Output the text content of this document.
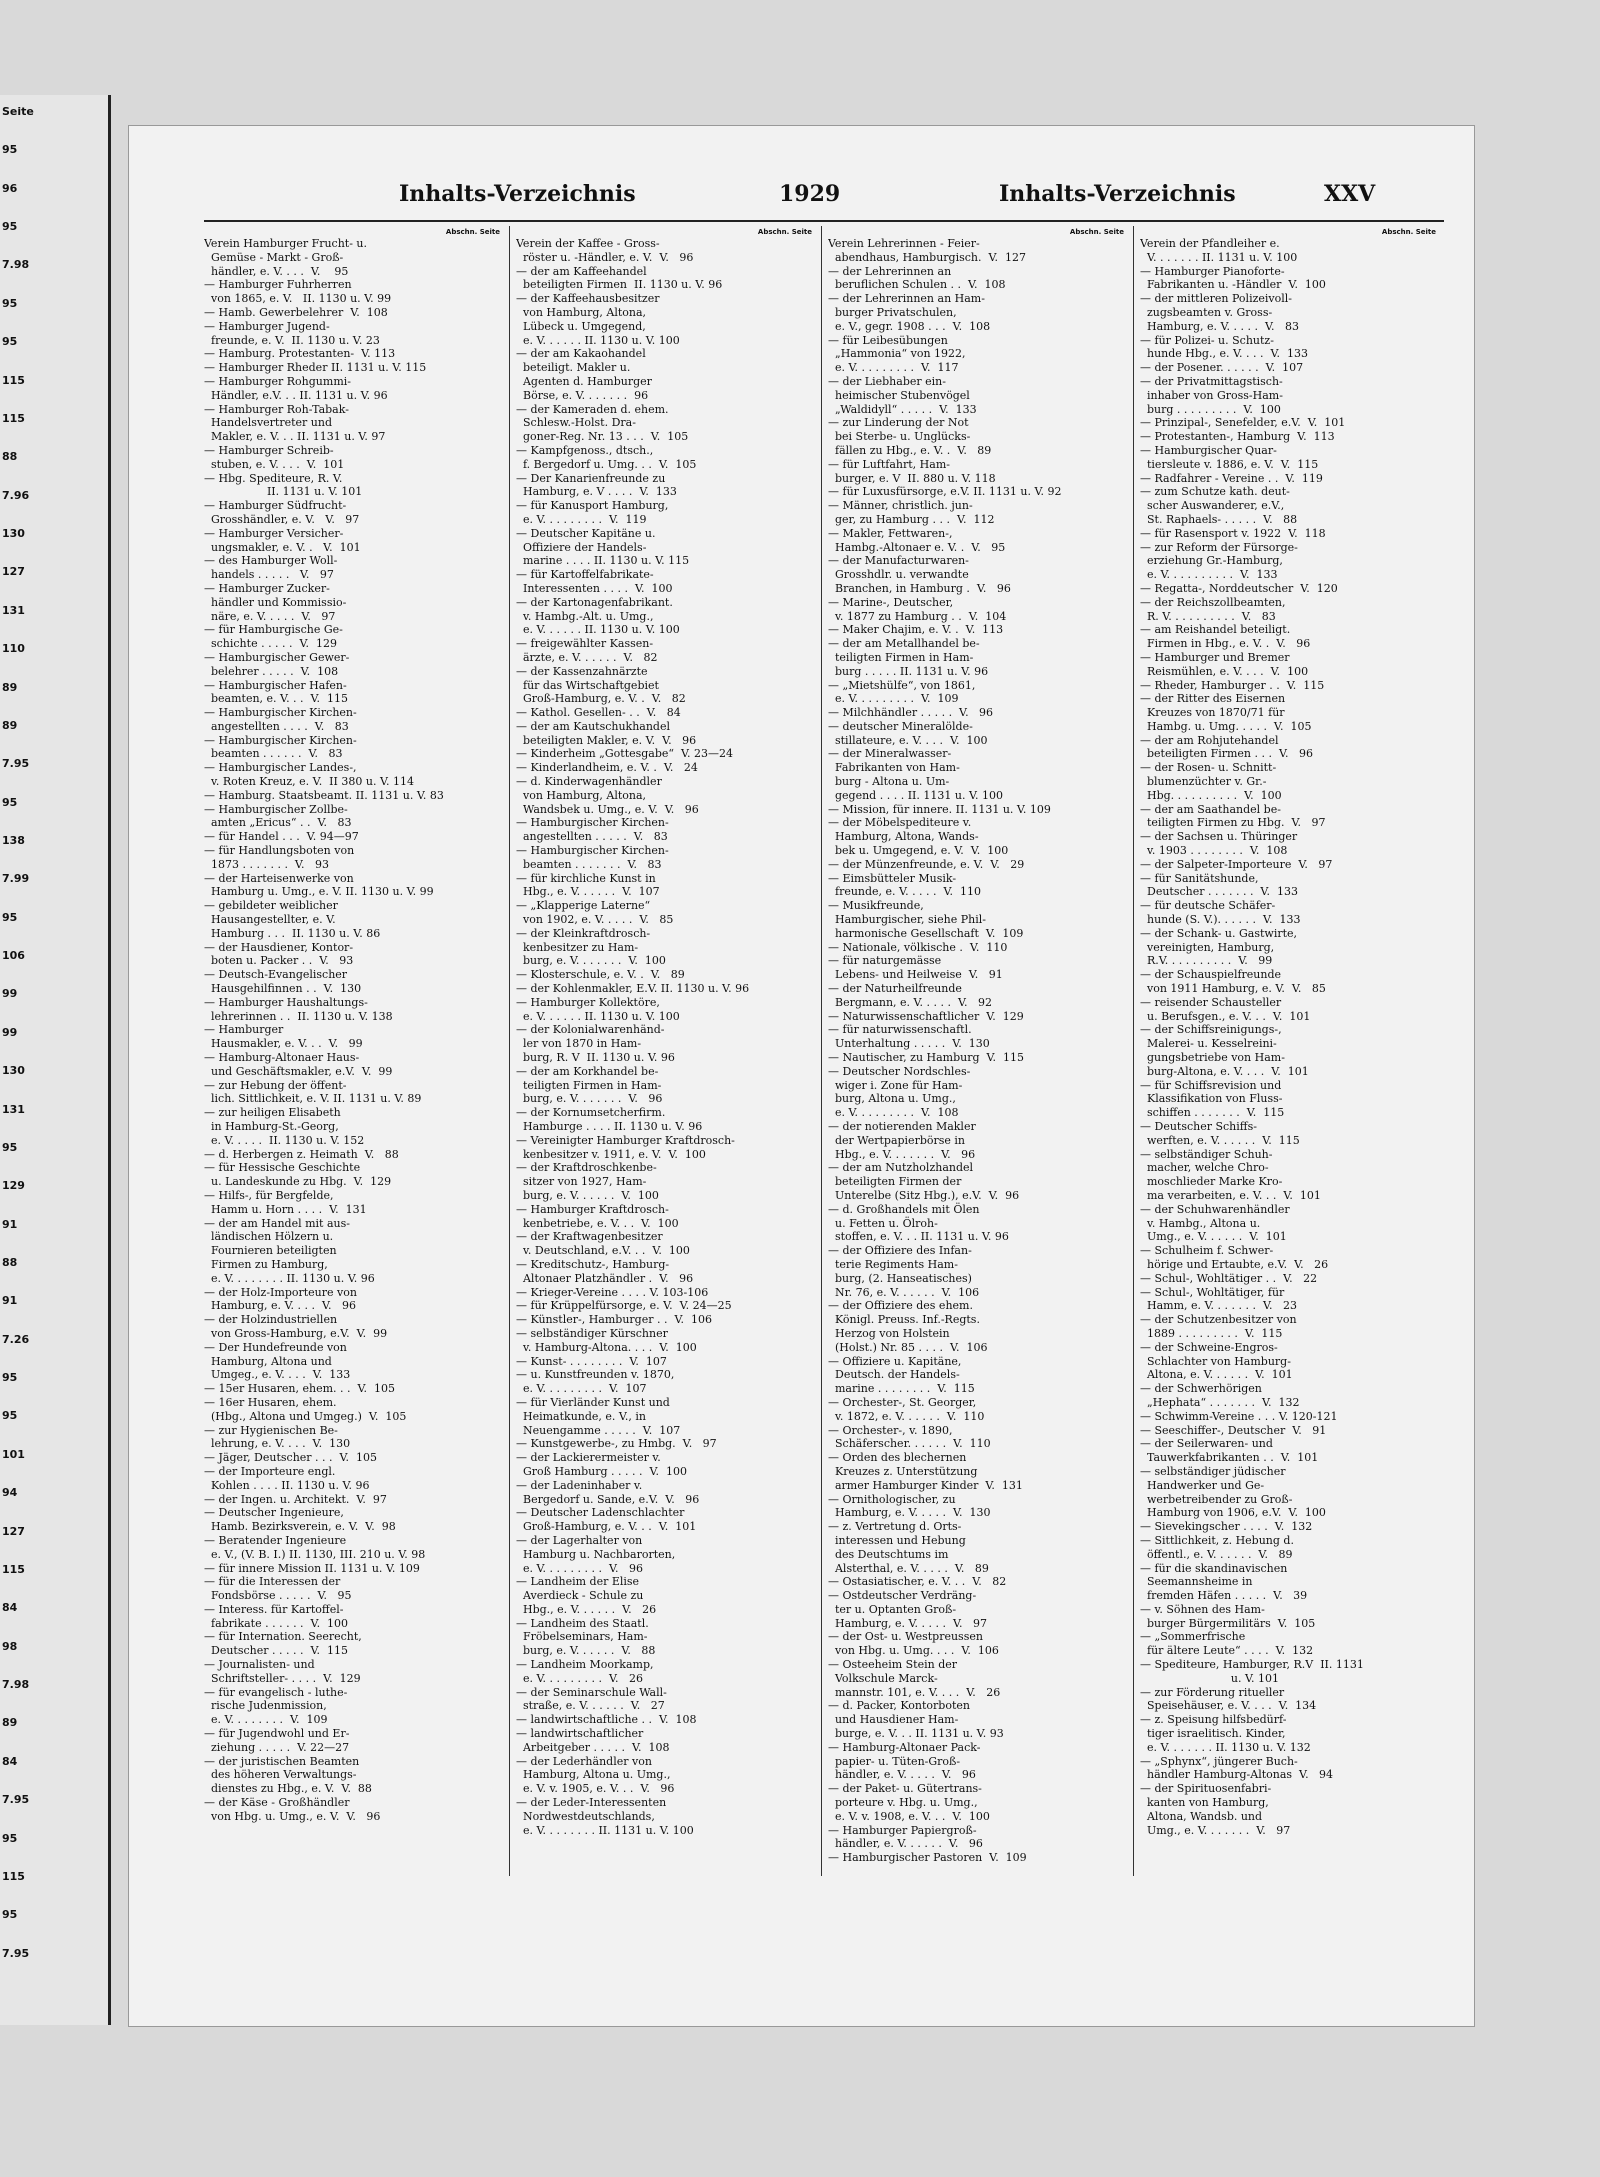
Seite
95
96
95
7.98
95
95
115
115
88
7.96
130
127
131
110
89
89
7.95
95
138
7.99
95
106
99
99
130
131
95
129
91
88
91
7.26
95
95
101
94
127
115
84
98
7.98
89
84
7.95
95
115
95
7.95
Inhalts-Verzeichnis	1929	Inhalts-Verzeichnis	XXV
Abschn. Seite
Verein Hamburger Frucht- u.
Gemüse - Markt - Groß-
händler, e. V. . . .  V.    95
— Hamburger Fuhrherren
von 1865, e. V.   II. 1130 u. V. 99
— Hamb. Gewerbelehrer  V.  108
— Hamburger Jugend-
freunde, e. V.  II. 1130 u. V. 23
— Hamburg. Protestanten-  V. 113
— Hamburger Rheder II. 1131 u. V. 115
— Hamburger Rohgummi-
Händler, e.V. . . II. 1131 u. V. 96
— Hamburger Roh-Tabak-
Handelsvertreter und
Makler, e. V. . . II. 1131 u. V. 97
— Hamburger Schreib-
stuben, e. V. . . .  V.  101
— Hbg. Spediteure, R. V.
II. 1131 u. V. 101
— Hamburger Südfrucht-
Grosshändler, e. V.   V.   97
— Hamburger Versicher-
ungsmakler, e. V. .   V.  101
— des Hamburger Woll-
handels . . . . .   V.   97
— Hamburger Zucker-
händler und Kommissio-
näre, e. V. . . . .  V.   97
— für Hamburgische Ge-
schichte . . . . .  V.  129
— Hamburgischer Gewer-
belehrer . . . . .  V.  108
— Hamburgischer Hafen-
beamten, e. V. . .  V.  115
— Hamburgischer Kirchen-
angestellten . . . .  V.   83
— Hamburgischer Kirchen-
beamten . . . . . .  V.   83
— Hamburgischer Landes-,
v. Roten Kreuz, e. V.  II 380 u. V. 114
— Hamburg. Staatsbeamt. II. 1131 u. V. 83
— Hamburgischer Zollbe-
amten „Ericus“ . .  V.   83
— für Handel . . .  V. 94—97
— für Handlungsboten von
1873 . . . . . . .  V.   93
— der Harteisenwerke von
Hamburg u. Umg., e. V. II. 1130 u. V. 99
— gebildeter weiblicher
Hausangestellter, e. V.
Hamburg . . .  II. 1130 u. V. 86
— der Hausdiener, Kontor-
boten u. Packer . .  V.   93
— Deutsch-Evangelischer
Hausgehilfinnen . .  V.  130
— Hamburger Haushaltungs-
lehrerinnen . .  II. 1130 u. V. 138
— Hamburger
Hausmakler, e. V. . .  V.   99
— Hamburg-Altonaer Haus-
und Geschäftsmakler, e.V.  V.  99
— zur Hebung der öffent-
lich. Sittlichkeit, e. V. II. 1131 u. V. 89
— zur heiligen Elisabeth
in Hamburg-St.-Georg,
e. V. . . . .  II. 1130 u. V. 152
— d. Herbergen z. Heimath  V.   88
— für Hessische Geschichte
u. Landeskunde zu Hbg.  V.  129
— Hilfs-, für Bergfelde,
Hamm u. Horn . . . .  V.  131
— der am Handel mit aus-
ländischen Hölzern u.
Fournieren beteiligten
Firmen zu Hamburg,
e. V. . . . . . . . II. 1130 u. V. 96
— der Holz-Importeure von
Hamburg, e. V. . . .  V.   96
— der Holzindustriellen
von Gross-Hamburg, e.V.  V.  99
— Der Hundefreunde von
Hamburg, Altona und
Umgeg., e. V. . . .  V.  133
— 15er Husaren, ehem. . .  V.  105
— 16er Husaren, ehem.
(Hbg., Altona und Umgeg.)  V.  105
— zur Hygienischen Be-
lehrung, e. V. . . .  V.  130
— Jäger, Deutscher . . .  V.  105
— der Importeure engl.
Kohlen . . . . II. 1130 u. V. 96
— der Ingen. u. Architekt.  V.  97
— Deutscher Ingenieure,
Hamb. Bezirksverein, e. V.  V.  98
— Beratender Ingenieure
e. V., (V. B. I.) II. 1130, III. 210 u. V. 98
— für innere Mission II. 1131 u. V. 109
— für die Interessen der
Fondsbörse . . . . .  V.   95
— Interess. für Kartoffel-
fabrikate . . . . . .  V.  100
— für Internation. Seerecht,
Deutscher . . . . .  V.  115
— Journalisten- und
Schriftsteller- . . . .  V.  129
— für evangelisch - luthe-
rische Judenmission,
e. V. . . . . . . .  V.  109
— für Jugendwohl und Er-
ziehung . . . . .  V. 22—27
— der juristischen Beamten
des höheren Verwaltungs-
dienstes zu Hbg., e. V.  V.  88
— der Käse - Großhändler
von Hbg. u. Umg., e. V.  V.   96
Abschn. Seite
Verein der Kaffee - Gross-
röster u. -Händler, e. V.  V.   96
— der am Kaffeehandel
beteiligten Firmen  II. 1130 u. V. 96
— der Kaffeehausbesitzer
von Hamburg, Altona,
Lübeck u. Umgegend,
e. V. . . . . . II. 1130 u. V. 100
— der am Kakaohandel
beteiligt. Makler u.
Agenten d. Hamburger
Börse, e. V. . . . . . .  96
— der Kameraden d. ehem.
Schlesw.-Holst. Dra-
goner-Reg. Nr. 13 . . .  V.  105
— Kampfgenoss., dtsch.,
f. Bergedorf u. Umg. . .  V.  105
— Der Kanarienfreunde zu
Hamburg, e. V . . . .  V.  133
— für Kanusport Hamburg,
e. V. . . . . . . . .  V.  119
— Deutscher Kapitäne u.
Offiziere der Handels-
marine . . . . II. 1130 u. V. 115
— für Kartoffelfabrikate-
Interessenten . . . .  V.  100
— der Kartonagenfabrikant.
v. Hambg.-Alt. u. Umg.,
e. V. . . . . . II. 1130 u. V. 100
— freigewählter Kassen-
ärzte, e. V. . . . . .  V.   82
— der Kassenzahnärzte
für das Wirtschaftgebiet
Groß-Hamburg, e. V. .  V.   82
— Kathol. Gesellen- . .  V.   84
— der am Kautschukhandel
beteiligten Makler, e. V.  V.   96
— Kinderheim „Gottesgabe“  V. 23—24
— Kinderlandheim, e. V. .  V.   24
— d. Kinderwagenhändler
von Hamburg, Altona,
Wandsbek u. Umg., e. V.  V.   96
— Hamburgischer Kirchen-
angestellten . . . . .  V.   83
— Hamburgischer Kirchen-
beamten . . . . . . .  V.   83
— für kirchliche Kunst in
Hbg., e. V. . . . . .  V.  107
— „Klapperige Laterne“
von 1902, e. V. . . . .  V.   85
— der Kleinkraftdrosch-
kenbesitzer zu Ham-
burg, e. V. . . . . . .  V.  100
— Klosterschule, e. V. .  V.   89
— der Kohlenmakler, E.V. II. 1130 u. V. 96
— Hamburger Kollektöre,
e. V. . . . . . II. 1130 u. V. 100
— der Kolonialwarenhänd-
ler von 1870 in Ham-
burg, R. V  II. 1130 u. V. 96
— der am Korkhandel be-
teiligten Firmen in Ham-
burg, e. V. . . . . . .  V.   96
— der Kornumsetcherfirm.
Hamburge . . . . II. 1130 u. V. 96
— Vereinigter Hamburger Kraftdrosch-
kenbesitzer v. 1911, e. V.  V.  100
— der Kraftdroschkenbe-
sitzer von 1927, Ham-
burg, e. V. . . . . .  V.  100
— Hamburger Kraftdrosch-
kenbetriebe, e. V. . .  V.  100
— der Kraftwagenbesitzer
v. Deutschland, e.V. . .  V.  100
— Kreditschutz-, Hamburg-
Altonaer Platzhändler .  V.   96
— Krieger-Vereine . . . . V. 103-106
— für Krüppelfürsorge, e. V.  V. 24—25
— Künstler-, Hamburger . .  V.  106
— selbständiger Kürschner
v. Hamburg-Altona. . . .  V.  100
— Kunst- . . . . . . . .  V.  107
— u. Kunstfreunden v. 1870,
e. V. . . . . . . . .  V.  107
— für Vierländer Kunst und
Heimatkunde, e. V., in
Neuengamme . . . . .  V.  107
— Kunstgewerbe-, zu Hmbg.  V.   97
— der Lackierermeister v.
Groß Hamburg . . . . .  V.  100
— der Ladeninhaber v.
Bergedorf u. Sande, e.V.  V.   96
— Deutscher Ladenschlachter
Groß-Hamburg, e. V. . .  V.  101
— der Lagerhalter von
Hamburg u. Nachbarorten,
e. V. . . . . . . . .  V.   96
— Landheim der Elise
Averdieck - Schule zu
Hbg., e. V. . . . . .  V.   26
— Landheim des Staatl.
Fröbelseminars, Ham-
burg, e. V. . . . . .  V.   88
— Landheim Moorkamp,
e. V. . . . . . . . .  V.   26
— der Seminarschule Wall-
straße, e. V. . . . . .  V.   27
— landwirtschaftliche . .  V.  108
— landwirtschaftlicher
Arbeitgeber . . . . .  V.  108
— der Lederhändler von
Hamburg, Altona u. Umg.,
e. V. v. 1905, e. V. . .  V.   96
— der Leder-Interessenten
Nordwestdeutschlands,
e. V. . . . . . . . II. 1131 u. V. 100
Abschn. Seite
Verein Lehrerinnen - Feier-
abendhaus, Hamburgisch.  V.  127
— der Lehrerinnen an
beruflichen Schulen . .  V.  108
— der Lehrerinnen an Ham-
burger Privatschulen,
e. V., gegr. 1908 . . .  V.  108
— für Leibesübungen
„Hammonia“ von 1922,
e. V. . . . . . . . .  V.  117
— der Liebhaber ein-
heimischer Stubenvögel
„Waldidyll“ . . . . .  V.  133
— zur Linderung der Not
bei Sterbe- u. Unglücks-
fällen zu Hbg., e. V. .  V.   89
— für Luftfahrt, Ham-
burger, e. V  II. 880 u. V. 118
— für Luxusfürsorge, e.V. II. 1131 u. V. 92
— Männer, christlich. jun-
ger, zu Hamburg . . .  V.  112
— Makler, Fettwaren-,
Hambg.-Altonaer e. V. .  V.   95
— der Manufacturwaren-
Grosshdlr. u. verwandte
Branchen, in Hamburg .  V.   96
— Marine-, Deutscher,
v. 1877 zu Hamburg . .  V.  104
— Maker Chajim, e. V. .  V.  113
— der am Metallhandel be-
teiligten Firmen in Ham-
burg . . . . . II. 1131 u. V. 96
— „Mietshülfe“, von 1861,
e. V. . . . . . . . .  V.  109
— Milchhändler . . . . .  V.   96
— deutscher Mineralölde-
stillateure, e. V. . . .  V.  100
— der Mineralwasser-
Fabrikanten von Ham-
burg - Altona u. Um-
gegend . . . . II. 1131 u. V. 100
— Mission, für innere. II. 1131 u. V. 109
— der Möbelspediteure v.
Hamburg, Altona, Wands-
bek u. Umgegend, e. V.  V.  100
— der Münzenfreunde, e. V.  V.   29
— Eimsbütteler Musik-
freunde, e. V. . . . .  V.  110
— Musikfreunde,
Hamburgischer, siehe Phil-
harmonische Gesellschaft  V.  109
— Nationale, völkische .  V.  110
— für naturgemässe
Lebens- und Heilweise  V.   91
— der Naturheilfreunde
Bergmann, e. V. . . . .  V.   92
— Naturwissenschaftlicher  V.  129
— für naturwissenschaftl.
Unterhaltung . . . . .  V.  130
— Nautischer, zu Hamburg  V.  115
— Deutscher Nordschles-
wiger i. Zone für Ham-
burg, Altona u. Umg.,
e. V. . . . . . . . .  V.  108
— der notierenden Makler
der Wertpapierbörse in
Hbg., e. V. . . . . . .  V.   96
— der am Nutzholzhandel
beteiligten Firmen der
Unterelbe (Sitz Hbg.), e.V.  V.  96
— d. Großhandels mit Ölen
u. Fetten u. Ölroh-
stoffen, e. V. . . II. 1131 u. V. 96
— der Offiziere des Infan-
terie Regiments Ham-
burg, (2. Hanseatisches)
Nr. 76, e. V. . . . . .  V.  106
— der Offiziere des ehem.
Königl. Preuss. Inf.-Regts.
Herzog von Holstein
(Holst.) Nr. 85 . . . .  V.  106
— Offiziere u. Kapitäne,
Deutsch. der Handels-
marine . . . . . . . .  V.  115
— Orchester-, St. Georger,
v. 1872, e. V. . . . . .  V.  110
— Orchester-, v. 1890,
Schäferscher. . . . . .  V.  110
— Orden des blechernen
Kreuzes z. Unterstützung
armer Hamburger Kinder  V.  131
— Ornithologischer, zu
Hamburg, e. V. . . . .  V.  130
— z. Vertretung d. Orts-
interessen und Hebung
des Deutschtums im
Alsterthal, e. V. . . . .  V.   89
— Ostasiatischer, e. V. . .  V.   82
— Ostdeutscher Verdräng-
ter u. Optanten Groß-
Hamburg, e. V. . . . .  V.   97
— der Ost- u. Westpreussen
von Hbg. u. Umg. . . .  V.  106
— Osteeheim Stein der
Volkschule Marck-
mannstr. 101, e. V. . . .  V.   26
— d. Packer, Kontorboten
und Hausdiener Ham-
burge, e. V. . . II. 1131 u. V. 93
— Hamburg-Altonaer Pack-
papier- u. Tüten-Groß-
händler, e. V. . . . .  V.   96
— der Paket- u. Gütertrans-
porteure v. Hbg. u. Umg.,
e. V. v. 1908, e. V. . .  V.  100
— Hamburger Papiergroß-
händler, e. V. . . . . .  V.   96
— Hamburgischer Pastoren  V.  109
Abschn. Seite
Verein der Pfandleiher e.
V. . . . . . . II. 1131 u. V. 100
— Hamburger Pianoforte-
Fabrikanten u. -Händler  V.  100
— der mittleren Polizeivoll-
zugsbeamten v. Gross-
Hamburg, e. V. . . . .  V.   83
— für Polizei- u. Schutz-
hunde Hbg., e. V. . . .  V.  133
— der Posener. . . . . .  V.  107
— der Privatmittagstisch-
inhaber von Gross-Ham-
burg . . . . . . . . .  V.  100
— Prinzipal-, Senefelder, e.V.  V.  101
— Protestanten-, Hamburg  V.  113
— Hamburgischer Quar-
tiersleute v. 1886, e. V.  V.  115
— Radfahrer - Vereine . .  V.  119
— zum Schutze kath. deut-
scher Auswanderer, e.V.,
St. Raphaels- . . . . .  V.   88
— für Rasensport v. 1922  V.  118
— zur Reform der Fürsorge-
erziehung Gr.-Hamburg,
e. V. . . . . . . . . .  V.  133
— Regatta-, Norddeutscher  V.  120
— der Reichszollbeamten,
R. V. . . . . . . . . .  V.   83
— am Reishandel beteiligt.
Firmen in Hbg., e. V. .  V.   96
— Hamburger und Bremer
Reismühlen, e. V. . . .  V.  100
— Rheder, Hamburger . .  V.  115
— der Ritter des Eisernen
Kreuzes von 1870/71 für
Hambg. u. Umg. . . . .  V.  105
— der am Rohjutehandel
beteiligten Firmen . . .  V.   96
— der Rosen- u. Schnitt-
blumenzüchter v. Gr.-
Hbg. . . . . . . . . .  V.  100
— der am Saathandel be-
teiligten Firmen zu Hbg.  V.   97
— der Sachsen u. Thüringer
v. 1903 . . . . . . . .  V.  108
— der Salpeter-Importeure  V.   97
— für Sanitätshunde,
Deutscher . . . . . . .  V.  133
— für deutsche Schäfer-
hunde (S. V.). . . . . .  V.  133
— der Schank- u. Gastwirte,
vereinigten, Hamburg,
R.V. . . . . . . . . .  V.   99
— der Schauspielfreunde
von 1911 Hamburg, e. V.  V.   85
— reisender Schausteller
u. Berufsgen., e. V. . .  V.  101
— der Schiffsreinigungs-,
Malerei- u. Kesselreini-
gungsbetriebe von Ham-
burg-Altona, e. V. . . .  V.  101
— für Schiffsrevision und
Klassifikation von Fluss-
schiffen . . . . . . .  V.  115
— Deutscher Schiffs-
werften, e. V. . . . . .  V.  115
— selbständiger Schuh-
macher, welche Chro-
moschlieder Marke Kro-
ma verarbeiten, e. V. . .  V.  101
— der Schuhwarenhändler
v. Hambg., Altona u.
Umg., e. V. . . . . .  V.  101
— Schulheim f. Schwer-
hörige und Ertaubte, e.V.  V.   26
— Schul-, Wohltätiger . .  V.   22
— Schul-, Wohltätiger, für
Hamm, e. V. . . . . . .  V.   23
— der Schutzenbesitzer von
1889 . . . . . . . . .  V.  115
— der Schweine-Engros-
Schlachter von Hamburg-
Altona, e. V. . . . . .  V.  101
— der Schwerhörigen
„Hephata“ . . . . . . .  V.  132
— Schwimm-Vereine . . . V. 120-121
— Seeschiffer-, Deutscher  V.   91
— der Seilerwaren- und
Tauwerkfabrikanten . .  V.  101
— selbständiger jüdischer
Handwerker und Ge-
werbetreibender zu Groß-
Hamburg von 1906, e.V.  V.  100
— Sievekingscher . . . .  V.  132
— Sittlichkeit, z. Hebung d.
öffentl., e. V. . . . . .  V.   89
— für die skandinavischen
Seemannsheime in
fremden Häfen . . . . .  V.   39
— v. Söhnen des Ham-
burger Bürgermilitärs  V.  105
— „Sommerfrische
für ältere Leute“ . . . .  V.  132
— Spediteure, Hamburger, R.V  II. 1131
u. V. 101
— zur Förderung ritueller
Speisehäuser, e. V. . . .  V.  134
— z. Speisung hilfsbedürf-
tiger israelitisch. Kinder,
e. V. . . . . . . II. 1130 u. V. 132
— „Sphynx“, jüngerer Buch-
händler Hamburg-Altonas  V.   94
— der Spirituosenfabri-
kanten von Hamburg,
Altona, Wandsb. und
Umg., e. V. . . . . . .  V.   97
